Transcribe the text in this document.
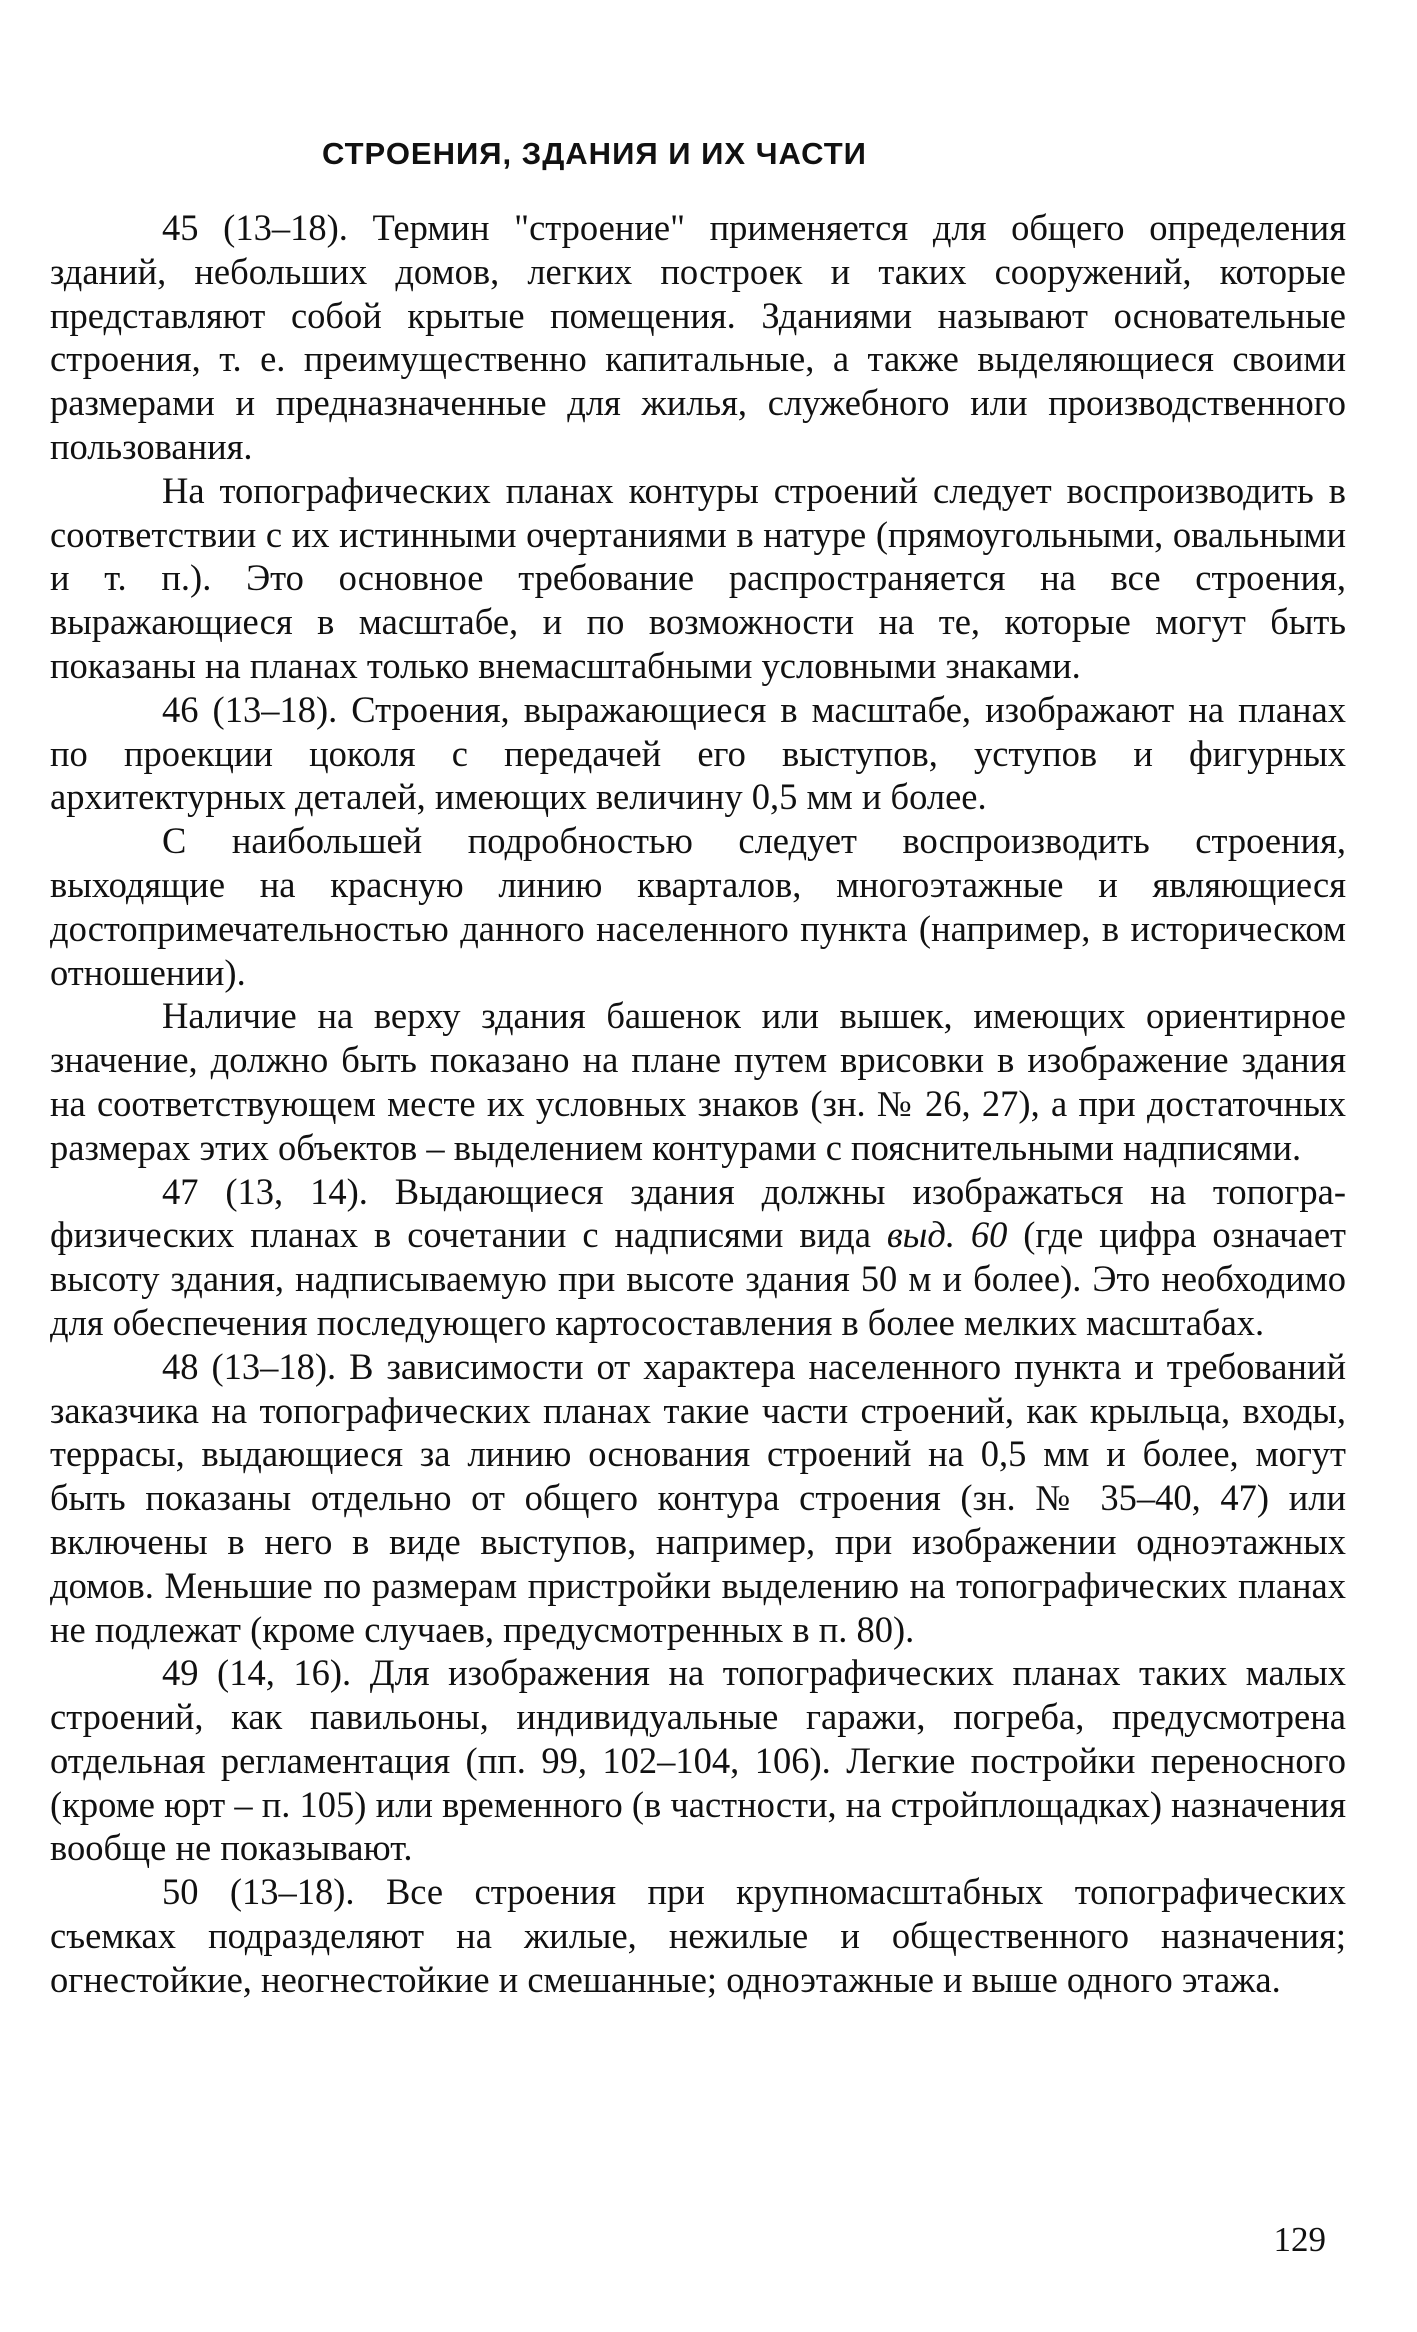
СТРОЕНИЯ, ЗДАНИЯ И ИХ ЧАСТИ

45 (13–18). Термин "строение" применяется для общего определения зданий, небольших домов, легких построек и таких сооружений, которые представляют собой крытые помещения. Зданиями называют основательные строения, т. е. преимущественно капитальные, а также выделяющиеся своими размерами и предназначенные для жилья, служебного или производственного пользования.

На топографических планах контуры строений следует воспроизводить в соответствии с их истинными очертаниями в натуре (прямоугольными, овальными и т. п.). Это основное требование распространяется на все строения, выражающиеся в масштабе, и по возможности на те, которые могут быть показаны на планах только внемасштабными условными знаками.

46 (13–18). Строения, выражающиеся в масштабе, изображают на планах по проекции цоколя с передачей его выступов, уступов и фигурных архитектурных деталей, имеющих величину 0,5 мм и более.

С наибольшей подробностью следует воспроизводить строения, выходящие на красную линию кварталов, многоэтажные и являющиеся достопримечательностью данного населенного пункта (например, в историческом отношении).

Наличие на верху здания башенок или вышек, имеющих ориентирное значение, должно быть показано на плане путем врисовки в изображение здания на соответствующем месте их условных знаков (зн. № 26, 27), а при достаточных размерах этих объектов – выделением контурами с пояснительными надписями.

47 (13, 14). Выдающиеся здания должны изображаться на топографизических планах в сочетании с надписями вида выд. 60 (где цифра означает высоту здания, надписываемую при высоте здания 50 м и более). Это необходимо для обеспечения последующего картосоставления в более мелких масштабах.

48 (13–18). В зависимости от характера населенного пункта и требований заказчика на топографических планах такие части строений, как крыльца, входы, террасы, выдающиеся за линию основания строений на 0,5 мм и более, могут быть показаны отдельно от общего контура строения (зн. № 35–40, 47) или включены в него в виде выступов, например, при изображении одноэтажных домов. Меньшие по размерам пристройки выделению на топографических планах не подлежат (кроме случаев, предусмотренных в п. 80).

49 (14, 16). Для изображения на топографических планах таких малых строений, как павильоны, индивидуальные гаражи, погреба, предусмотрена отдельная регламентация (пп. 99, 102–104, 106). Легкие постройки переносного (кроме юрт – п. 105) или временного (в частности, на стройплощадках) назначения вообще не показывают.

50 (13–18). Все строения при крупномасштабных топографических съемках подразделяют на жилые, нежилые и общественного назначения; огнестойкие, неогнестойкие и смешанные; одноэтажные и выше одного этажа.

129
